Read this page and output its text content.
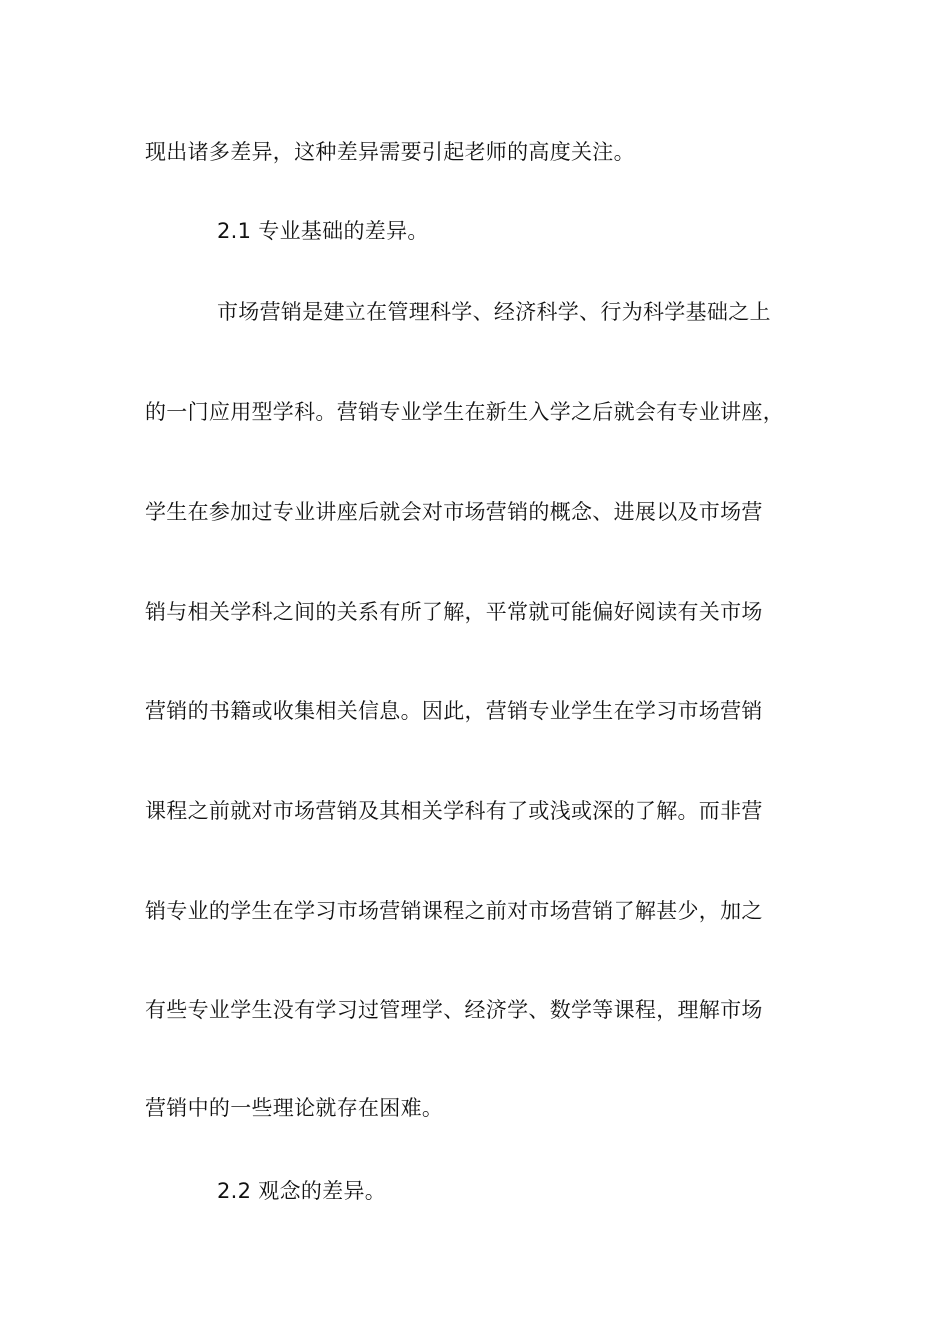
现出诸多差异，这种差异需要引起老师的高度关注。
2.1 专业基础的差异。
市场营销是建立在管理科学、经济科学、行为科学基础之上
的一门应用型学科。营销专业学生在新生入学之后就会有专业讲座，
学生在参加过专业讲座后就会对市场营销的概念、进展以及市场营
销与相关学科之间的关系有所了解，平常就可能偏好阅读有关市场
营销的书籍或收集相关信息。因此，营销专业学生在学习市场营销
课程之前就对市场营销及其相关学科有了或浅或深的了解。而非营
销专业的学生在学习市场营销课程之前对市场营销了解甚少，加之
有些专业学生没有学习过管理学、经济学、数学等课程，理解市场
营销中的一些理论就存在困难。
2.2 观念的差异。
